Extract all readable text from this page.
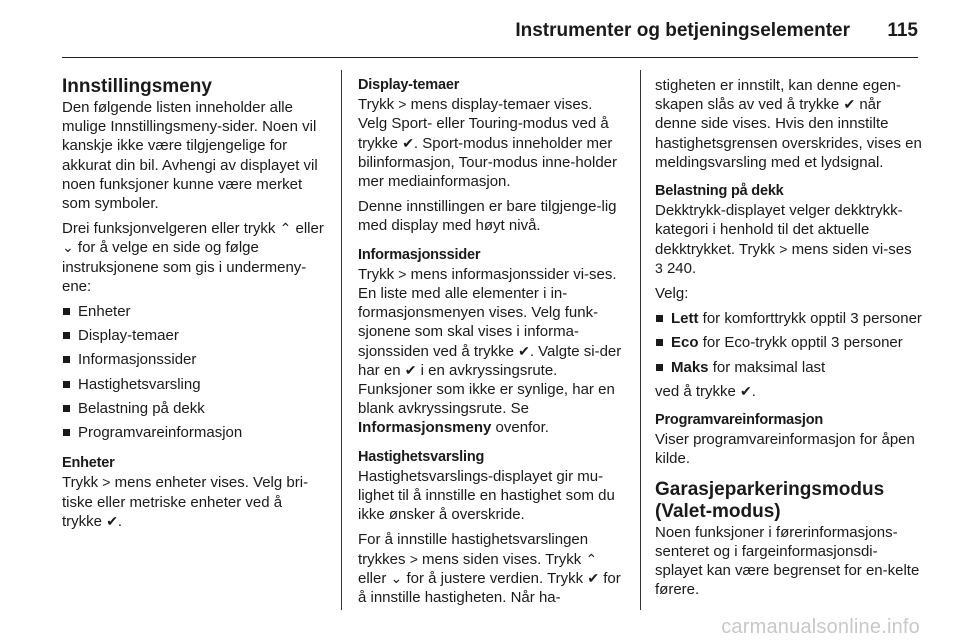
Instrumenter og betjeningselementer 115
Innstillingsmeny

Den følgende listen inneholder alle mulige Innstillingsmeny-sider. Noen vil kanskje ikke være tilgjengelige for akkurat din bil. Avhengi av displayet vil noen funksjoner kunne være merket som symboler.

Drei funksjonvelgeren eller trykk ⌃ eller ⌄ for å velge en side og følge instruksjonene som gis i undermeny-ene:

Enheter
Display-temaer
Informasjonssider
Hastighetsvarsling
Belastning på dekk
Programvareinformasjon
Enheter

Trykk > mens enheter vises. Velg bri-tiske eller metriske enheter ved å trykke ✔.

Display-temaer

Trykk > mens display-temaer vises. Velg Sport- eller Touring-modus ved å trykke ✔. Sport-modus inneholder mer bilinformasjon, Tour-modus inne-holder mer mediainformasjon.

Denne innstillingen er bare tilgjenge-lig med display med høyt nivå.

Informasjonssider

Trykk > mens informasjonssider vi-ses. En liste med alle elementer i in-formasjonsmenyen vises. Velg funk-sjonene som skal vises i informa-sjonssiden ved å trykke ✔. Valgte si-der har en ✔ i en avkryssingsrute. Funksjoner som ikke er synlige, har en blank avkryssingsrute. Se Informasjonsmeny ovenfor.

Hastighetsvarsling

Hastighetsvarslings-displayet gir mu-lighet til å innstille en hastighet som du ikke ønsker å overskride.

For å innstille hastighetsvarslingen trykkes > mens siden vises. Trykk ⌃ eller ⌄ for å justere verdien. Trykk ✔ for å innstille hastigheten. Når ha-

stigheten er innstilt, kan denne egen-skapen slås av ved å trykke ✔ når denne side vises. Hvis den innstilte hastighetsgrensen overskrides, vises en meldingsvarsling med et lydsignal.

Belastning på dekk

Dekktrykk-displayet velger dekktrykk-kategori i henhold til det aktuelle dekktrykket. Trykk > mens siden vi-ses 3 240.

Velg:

Lett for komforttrykk opptil 3 personer
Eco for Eco-trykk opptil 3 personer
Maks for maksimal last

ved å trykke ✔.

Programvareinformasjon

Viser programvareinformasjon for åpen kilde.

Garasjeparkeringsmodus (Valet-modus)

Noen funksjoner i førerinformasjons-senteret og i fargeinformasjonsdi-splayet kan være begrenset for en-kelte førere.

carmanualsonline.info
